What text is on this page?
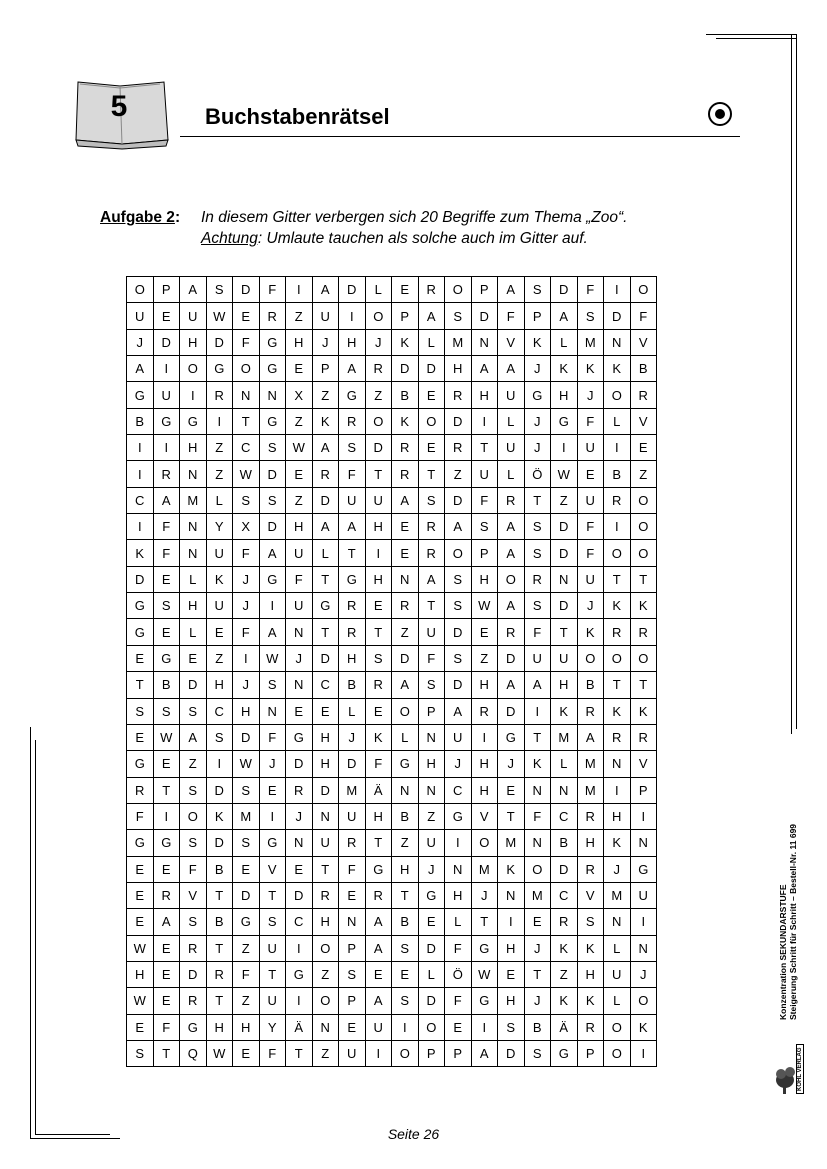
5	Buchstabenrätsel
Aufgabe 2:	In diesem Gitter verbergen sich 20 Begriffe zum Thema „Zoo“.
Achtung: Umlaute tauchen als solche auch im Gitter auf.
O	P	A	S	D	F	I	A	D	L	E	R	O	P	A	S	D	F	I	O
U	E	U	W	E	R	Z	U	I	O	P	A	S	D	F	P	A	S	D	F
J	D	H	D	F	G	H	J	H	J	K	L	M	N	V	K	L	M	N	V
A	I	O	G	O	G	E	P	A	R	D	D	H	A	A	J	K	K	K	B
G	U	I	R	N	N	X	Z	G	Z	B	E	R	H	U	G	H	J	O	R
B	G	G	I	T	G	Z	K	R	O	K	O	D	I	L	J	G	F	L	V
I	I	H	Z	C	S	W	A	S	D	R	E	R	T	U	J	I	U	I	E
I	R	N	Z	W	D	E	R	F	T	R	T	Z	U	L	Ö	W	E	B	Z
C	A	M	L	S	S	Z	D	U	U	A	S	D	F	R	T	Z	U	R	O
I	F	N	Y	X	D	H	A	A	H	E	R	A	S	A	S	D	F	I	O
K	F	N	U	F	A	U	L	T	I	E	R	O	P	A	S	D	F	O	O
D	E	L	K	J	G	F	T	G	H	N	A	S	H	O	R	N	U	T	T
G	S	H	U	J	I	U	G	R	E	R	T	S	W	A	S	D	J	K	K
G	E	L	E	F	A	N	T	R	T	Z	U	D	E	R	F	T	K	R	R
E	G	E	Z	I	W	J	D	H	S	D	F	S	Z	D	U	U	O	O	O
T	B	D	H	J	S	N	C	B	R	A	S	D	H	A	A	H	B	T	T
S	S	S	C	H	N	E	E	L	E	O	P	A	R	D	I	K	R	K	K
E	W	A	S	D	F	G	H	J	K	L	N	U	I	G	T	M	A	R	R
G	E	Z	I	W	J	D	H	D	F	G	H	J	H	J	K	L	M	N	V
R	T	S	D	S	E	R	D	M	Ä	N	N	C	H	E	N	N	M	I	P
F	I	O	K	M	I	J	N	U	H	B	Z	G	V	T	F	C	R	H	I
G	G	S	D	S	G	N	U	R	T	Z	U	I	O	M	N	B	H	K	N
E	E	F	B	E	V	E	T	F	G	H	J	N	M	K	O	D	R	J	G
E	R	V	T	D	T	D	R	E	R	T	G	H	J	N	M	C	V	M	U
E	A	S	B	G	S	C	H	N	A	B	E	L	T	I	E	R	S	N	I
W	E	R	T	Z	U	I	O	P	A	S	D	F	G	H	J	K	K	L	N
H	E	D	R	F	T	G	Z	S	E	E	L	Ö	W	E	T	Z	H	U	J
W	E	R	T	Z	U	I	O	P	A	S	D	F	G	H	J	K	K	L	O
E	F	G	H	H	Y	Ä	N	E	U	I	O	E	I	S	B	Ä	R	O	K
S	T	Q	W	E	F	T	Z	U	I	O	P	P	A	D	S	G	P	O	I
Konzentration SEKUNDARSTUFE Steigerung Schritt für Schritt – Bestell-Nr. 11 699
KOHL VERLAG
Seite 26
